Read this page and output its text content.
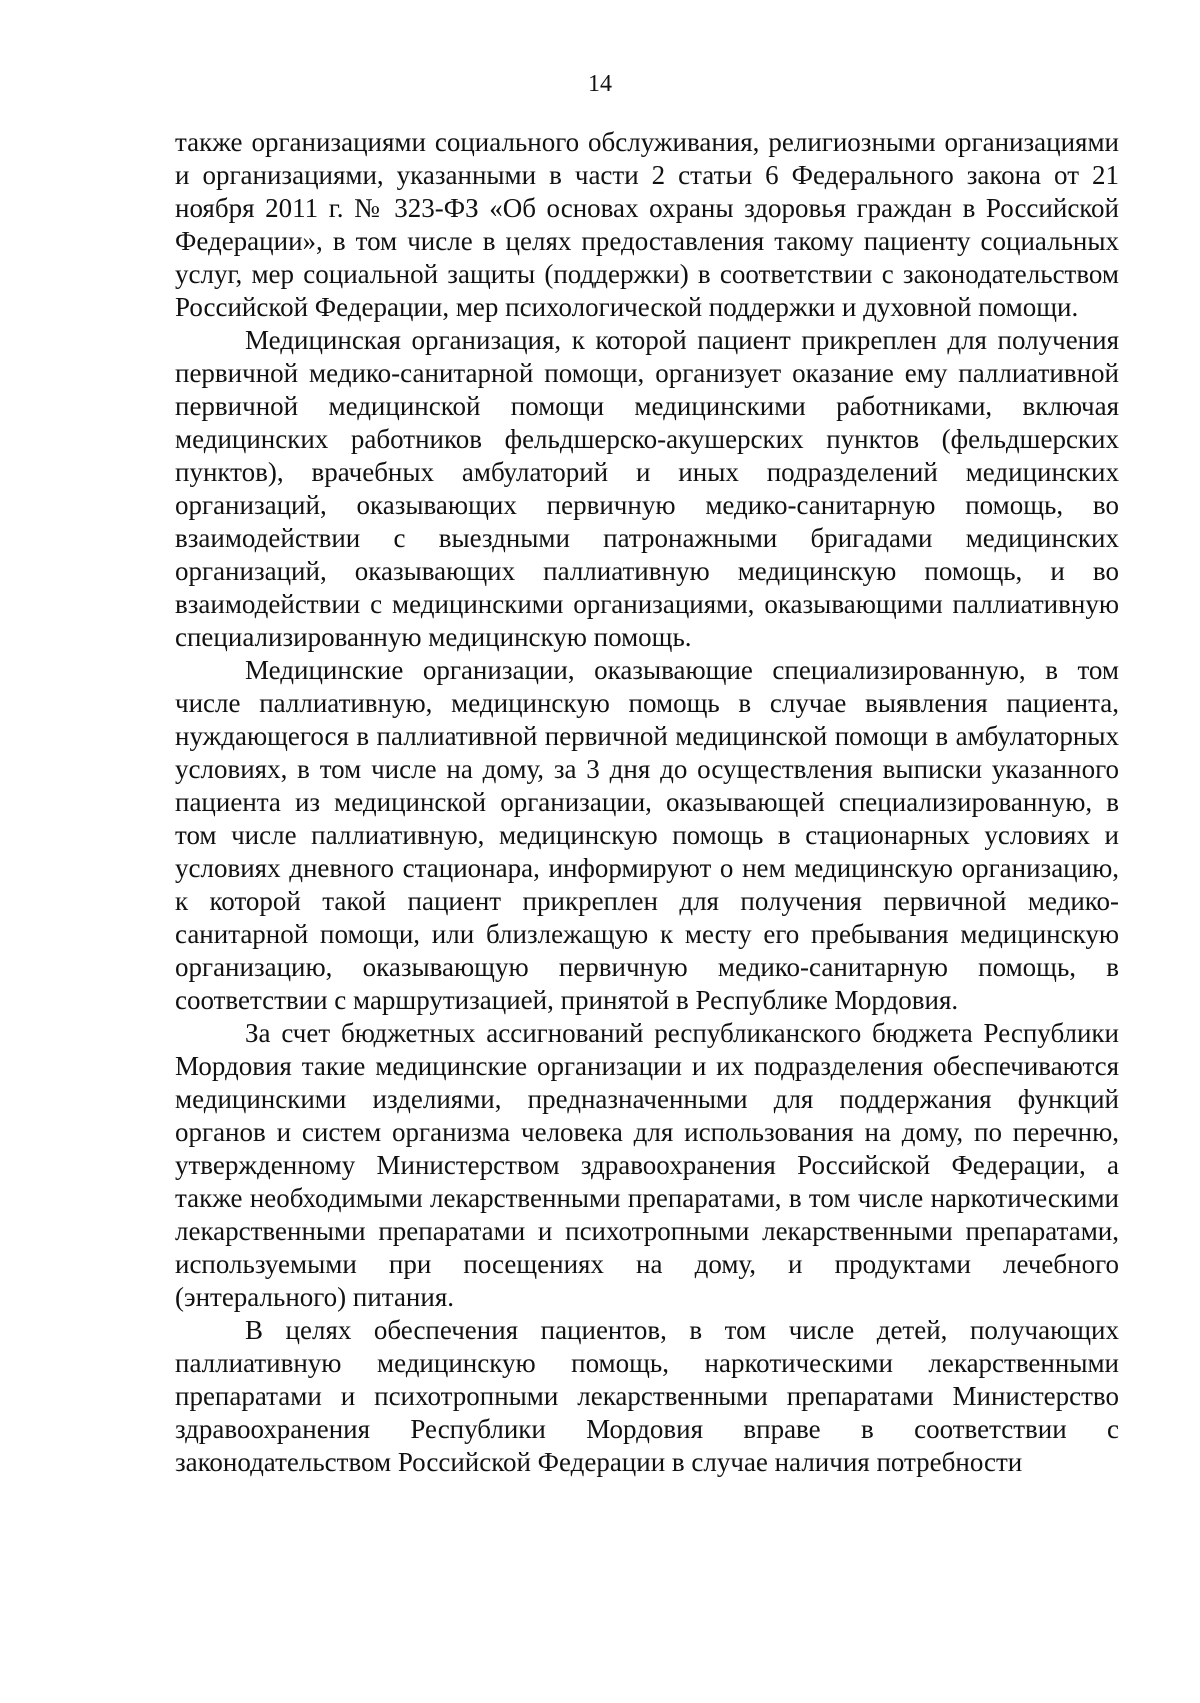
14

также организациями социального обслуживания, религиозными организациями и организациями, указанными в части 2 статьи 6 Федерального закона от 21 ноября 2011 г. № 323-ФЗ «Об основах охраны здоровья граждан в Российской Федерации», в том числе в целях предоставления такому пациенту социальных услуг, мер социальной защиты (поддержки) в соответствии с законодательством Российской Федерации, мер психологической поддержки и духовной помощи.

Медицинская организация, к которой пациент прикреплен для получения первичной медико-санитарной помощи, организует оказание ему паллиативной первичной медицинской помощи медицинскими работниками, включая медицинских работников фельдшерско-акушерских пунктов (фельдшерских пунктов), врачебных амбулаторий и иных подразделений медицинских организаций, оказывающих первичную медико-санитарную помощь, во взаимодействии с выездными патронажными бригадами медицинских организаций, оказывающих паллиативную медицинскую помощь, и во взаимодействии с медицинскими организациями, оказывающими паллиативную специализированную медицинскую помощь.

Медицинские организации, оказывающие специализированную, в том числе паллиативную, медицинскую помощь в случае выявления пациента, нуждающегося в паллиативной первичной медицинской помощи в амбулаторных условиях, в том числе на дому, за 3 дня до осуществления выписки указанного пациента из медицинской организации, оказывающей специализированную, в том числе паллиативную, медицинскую помощь в стационарных условиях и условиях дневного стационара, информируют о нем медицинскую организацию, к которой такой пациент прикреплен для получения первичной медико-санитарной помощи, или близлежащую к месту его пребывания медицинскую организацию, оказывающую первичную медико-санитарную помощь, в соответствии с маршрутизацией, принятой в Республике Мордовия.

За счет бюджетных ассигнований республиканского бюджета Республики Мордовия такие медицинские организации и их подразделения обеспечиваются медицинскими изделиями, предназначенными для поддержания функций органов и систем организма человека для использования на дому, по перечню, утвержденному Министерством здравоохранения Российской Федерации, а также необходимыми лекарственными препаратами, в том числе наркотическими лекарственными препаратами и психотропными лекарственными препаратами, используемыми при посещениях на дому, и продуктами лечебного (энтерального) питания.

В целях обеспечения пациентов, в том числе детей, получающих паллиативную медицинскую помощь, наркотическими лекарственными препаратами и психотропными лекарственными препаратами Министерство здравоохранения Республики Мордовия вправе в соответствии с законодательством Российской Федерации в случае наличия потребности
